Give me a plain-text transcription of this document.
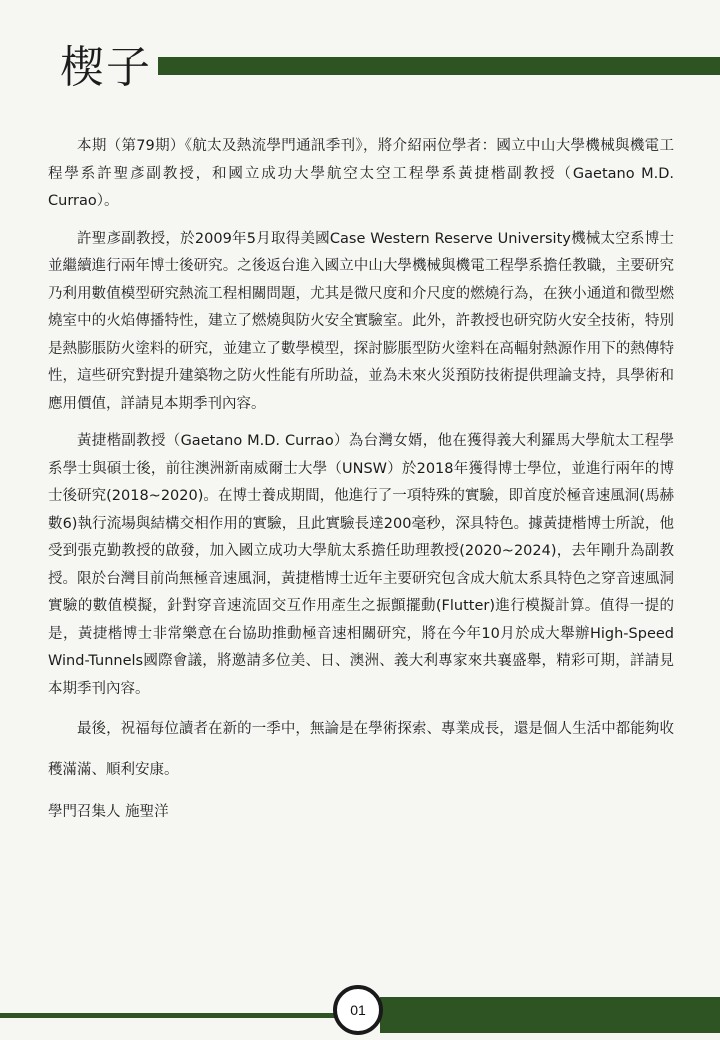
楔子

本期（第79期）《航太及熱流學門通訊季刊》，將介紹兩位學者：國立中山大學機械與機電工程學系許聖彥副教授，和國立成功大學航空太空工程學系黃捷楷副教授（Gaetano M.D. Currao）。

許聖彥副教授，於2009年5月取得美國Case Western Reserve University機械太空系博士並繼續進行兩年博士後研究。之後返台進入國立中山大學機械與機電工程學系擔任教職，主要研究乃利用數值模型研究熱流工程相關問題，尤其是微尺度和介尺度的燃燒行為，在狹小通道和微型燃燒室中的火焰傳播特性，建立了燃燒與防火安全實驗室。此外，許教授也研究防火安全技術，特別是熱膨脹防火塗料的研究，並建立了數學模型，探討膨脹型防火塗料在高輻射熱源作用下的熱傳特性，這些研究對提升建築物之防火性能有所助益，並為未來火災預防技術提供理論支持，具學術和應用價值，詳請見本期季刊內容。

黃捷楷副教授（Gaetano M.D. Currao）為台灣女婿，他在獲得義大利羅馬大學航太工程學系學士與碩士後，前往澳洲新南威爾士大學（UNSW）於2018年獲得博士學位，並進行兩年的博士後研究(2018~2020)。在博士養成期間，他進行了一項特殊的實驗，即首度於極音速風洞(馬赫數6)執行流場與結構交相作用的實驗，且此實驗長達200毫秒，深具特色。據黃捷楷博士所說，他受到張克勤教授的啟發，加入國立成功大學航太系擔任助理教授(2020~2024)，去年剛升為副教授。限於台灣目前尚無極音速風洞，黃捷楷博士近年主要研究包含成大航太系具特色之穿音速風洞實驗的數值模擬，針對穿音速流固交互作用產生之振顫擺動(Flutter)進行模擬計算。值得一提的是，黃捷楷博士非常樂意在台協助推動極音速相關研究，將在今年10月於成大舉辦High-Speed Wind-Tunnels國際會議，將邀請多位美、日、澳洲、義大利專家來共襄盛舉，精彩可期，詳請見本期季刊內容。

最後，祝福每位讀者在新的一季中，無論是在學術探索、專業成長，還是個人生活中都能夠收穫滿滿、順利安康。

學門召集人 施聖洋

01
